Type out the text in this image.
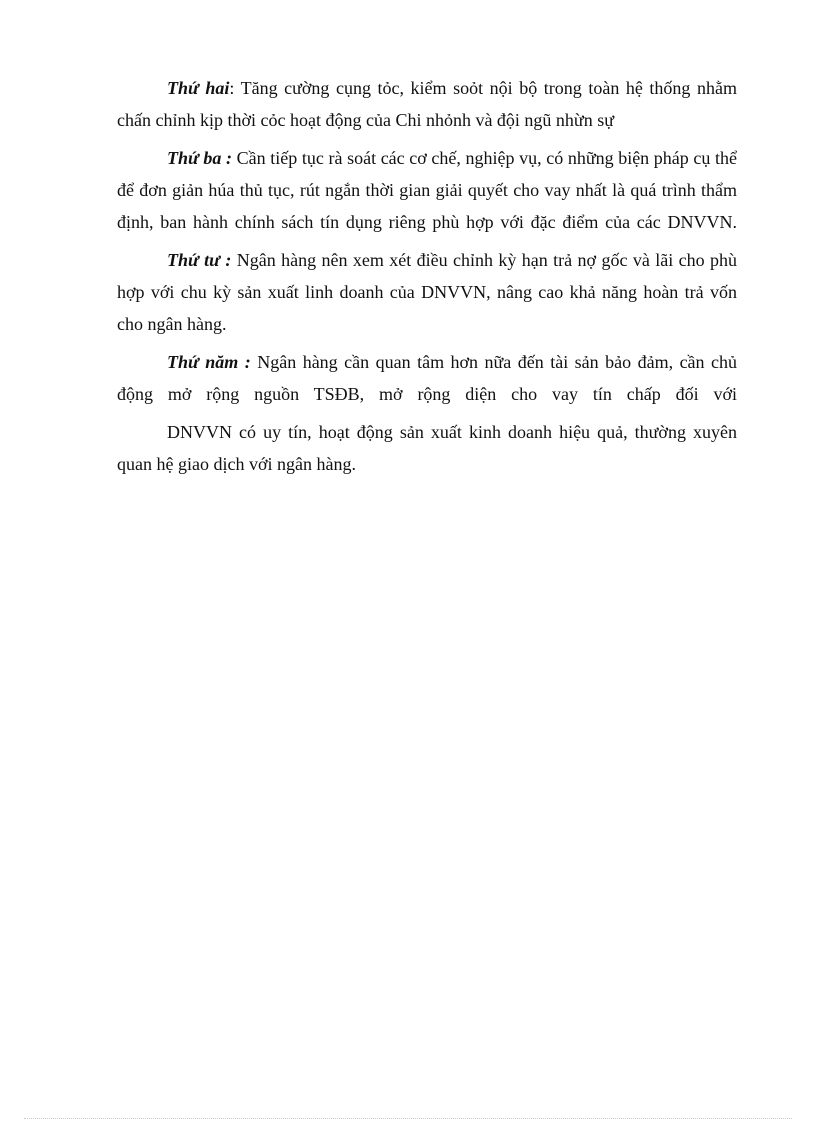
Thứ hai: Tăng cường cụng tỏc, kiểm soỏt nội bộ trong toàn hệ thống nhằm chấn chỉnh kịp thời cỏc hoạt động của Chi nhỏnh và đội ngũ nhừn sự

Thứ ba : Cần tiếp tục rà soát các cơ chế, nghiệp vụ, có những biện pháp cụ thể để đơn giản húa thủ tục, rút ngắn thời gian giải quyết cho vay nhất là quá trình thẩm định, ban hành chính sách tín dụng riêng phù hợp với đặc điểm của các DNVVN.

Thứ tư : Ngân hàng nên xem xét điều chỉnh kỳ hạn trả nợ gốc và lãi cho phù hợp với chu kỳ sản xuất linh doanh của DNVVN, nâng cao khả năng hoàn trả vốn cho ngân hàng.

Thứ năm : Ngân hàng cần quan tâm hơn nữa đến tài sản bảo đảm, cần chủ động mở rộng nguồn TSĐB, mở rộng diện cho vay tín chấp đối với

DNVVN có uy tín, hoạt động sản xuất kinh doanh hiệu quả, thường xuyên quan hệ giao dịch với ngân hàng.
